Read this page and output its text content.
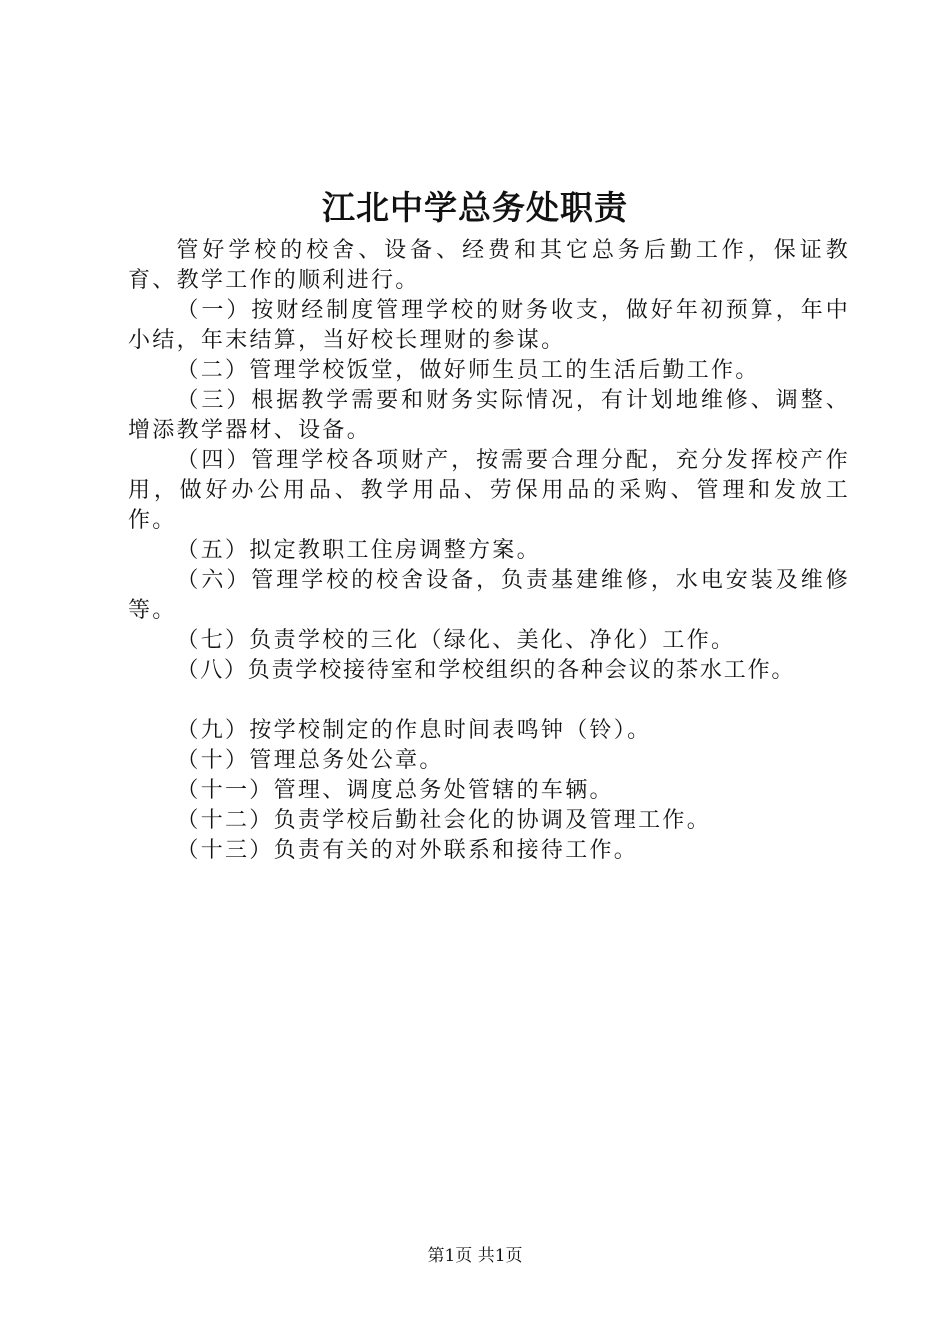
江北中学总务处职责

管好学校的校舍、设备、经费和其它总务后勤工作，保证教育、教学工作的顺利进行。

（一）按财经制度管理学校的财务收支，做好年初预算，年中小结，年末结算，当好校长理财的参谋。

（二）管理学校饭堂，做好师生员工的生活后勤工作。

（三）根据教学需要和财务实际情况，有计划地维修、调整、增添教学器材、设备。

（四）管理学校各项财产，按需要合理分配，充分发挥校产作用，做好办公用品、教学用品、劳保用品的采购、管理和发放工作。

（五）拟定教职工住房调整方案。

（六）管理学校的校舍设备，负责基建维修，水电安装及维修等。

（七）负责学校的三化（绿化、美化、净化）工作。

（八）负责学校接待室和学校组织的各种会议的茶水工作。

（九）按学校制定的作息时间表鸣钟（铃）。

（十）管理总务处公章。

（十一）管理、调度总务处管辖的车辆。

（十二）负责学校后勤社会化的协调及管理工作。

（十三）负责有关的对外联系和接待工作。

第1页 共1页
